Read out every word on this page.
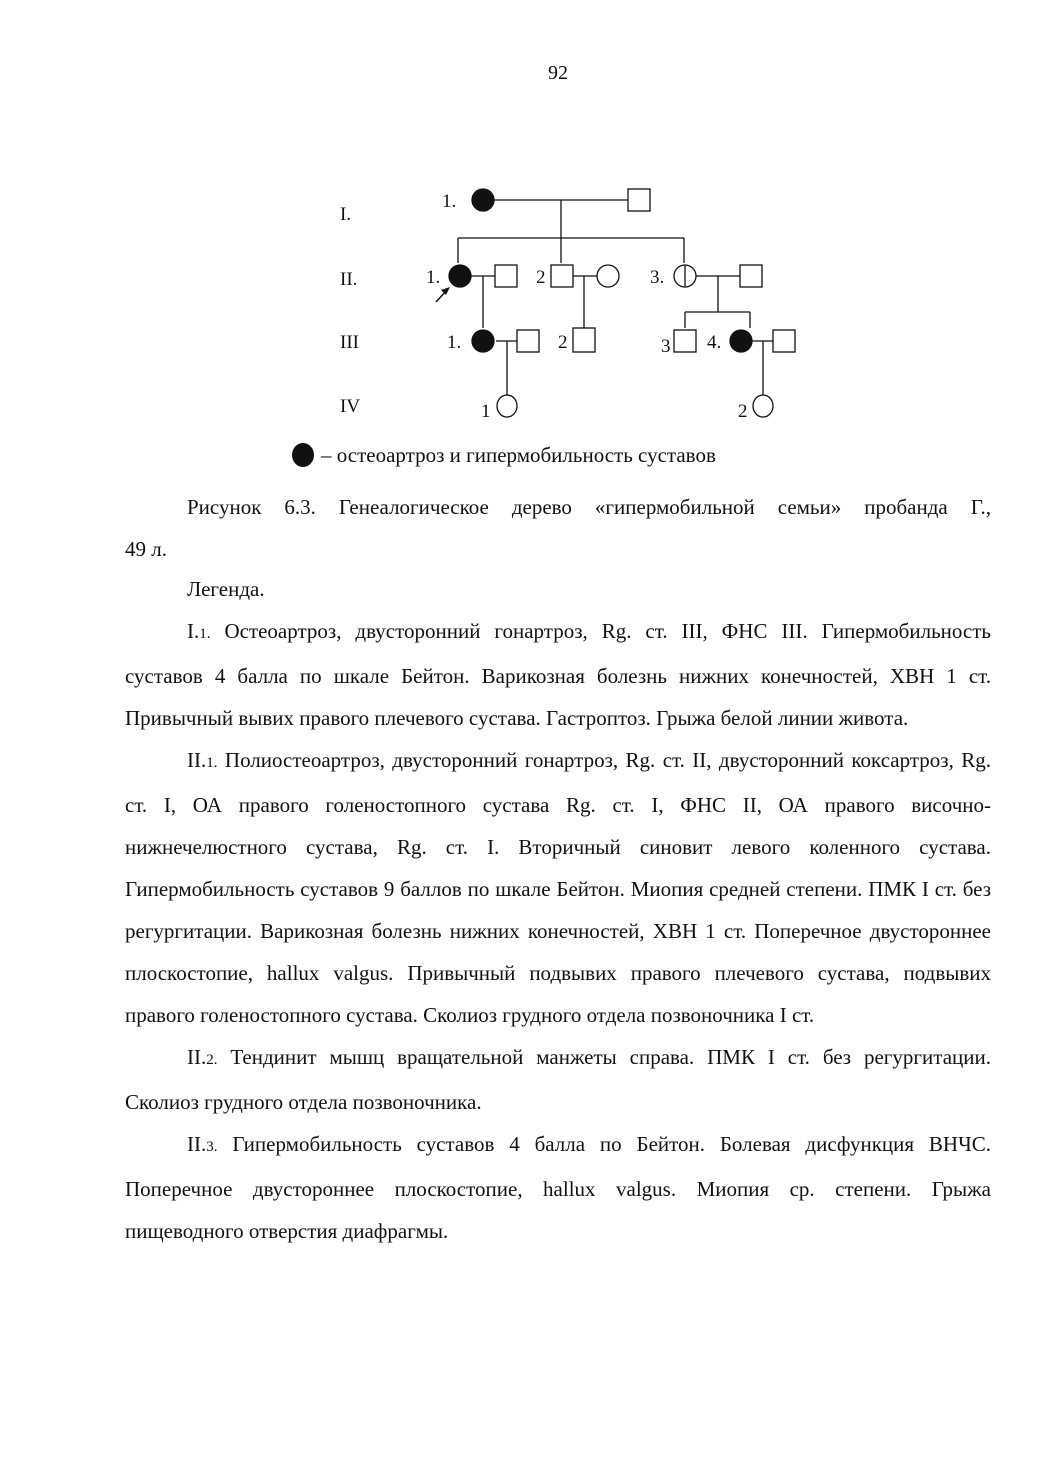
92
I.
II.
III
IV
1.
1.	2	3.
1.	2	3 4.
1	2
– остеоартроз и гипермобильность суставов
Рисунок 6.3. Генеалогическое дерево «гипермобильной семьи» пробанда Г.,
49 л.

Легенда.

I.1. Остеоартроз, двусторонний гонартроз, Rg. ст. III, ФНС III. Гипермобильность суставов 4 балла по шкале Бейтон. Варикозная болезнь нижних конечностей, ХВН 1 ст. Привычный вывих правого плечевого сустава. Гастроптоз. Грыжа белой линии живота.

II.1. Полиостеоартроз, двусторонний гонартроз, Rg. ст. II, двусторонний коксартроз, Rg. ст. I, ОА правого голеностопного сустава Rg. ст. I, ФНС II, ОА правого височно-нижнечелюстного сустава, Rg. ст. I. Вторичный синовит левого коленного сустава. Гипермобильность суставов 9 баллов по шкале Бейтон. Миопия средней степени. ПМК I ст. без регургитации. Варикозная болезнь нижних конечностей, ХВН 1 ст. Поперечное двустороннее плоскостопие, hallux valgus. Привычный подвывих правого плечевого сустава, подвывих правого голеностопного сустава. Сколиоз грудного отдела позвоночника I ст.

II.2. Тендинит мышц вращательной манжеты справа. ПМК I ст. без регургитации. Сколиоз грудного отдела позвоночника.

II.3. Гипермобильность суставов 4 балла по Бейтон. Болевая дисфункция ВНЧС. Поперечное двустороннее плоскостопие, hallux valgus. Миопия ср. степени. Грыжа пищеводного отверстия диафрагмы.
